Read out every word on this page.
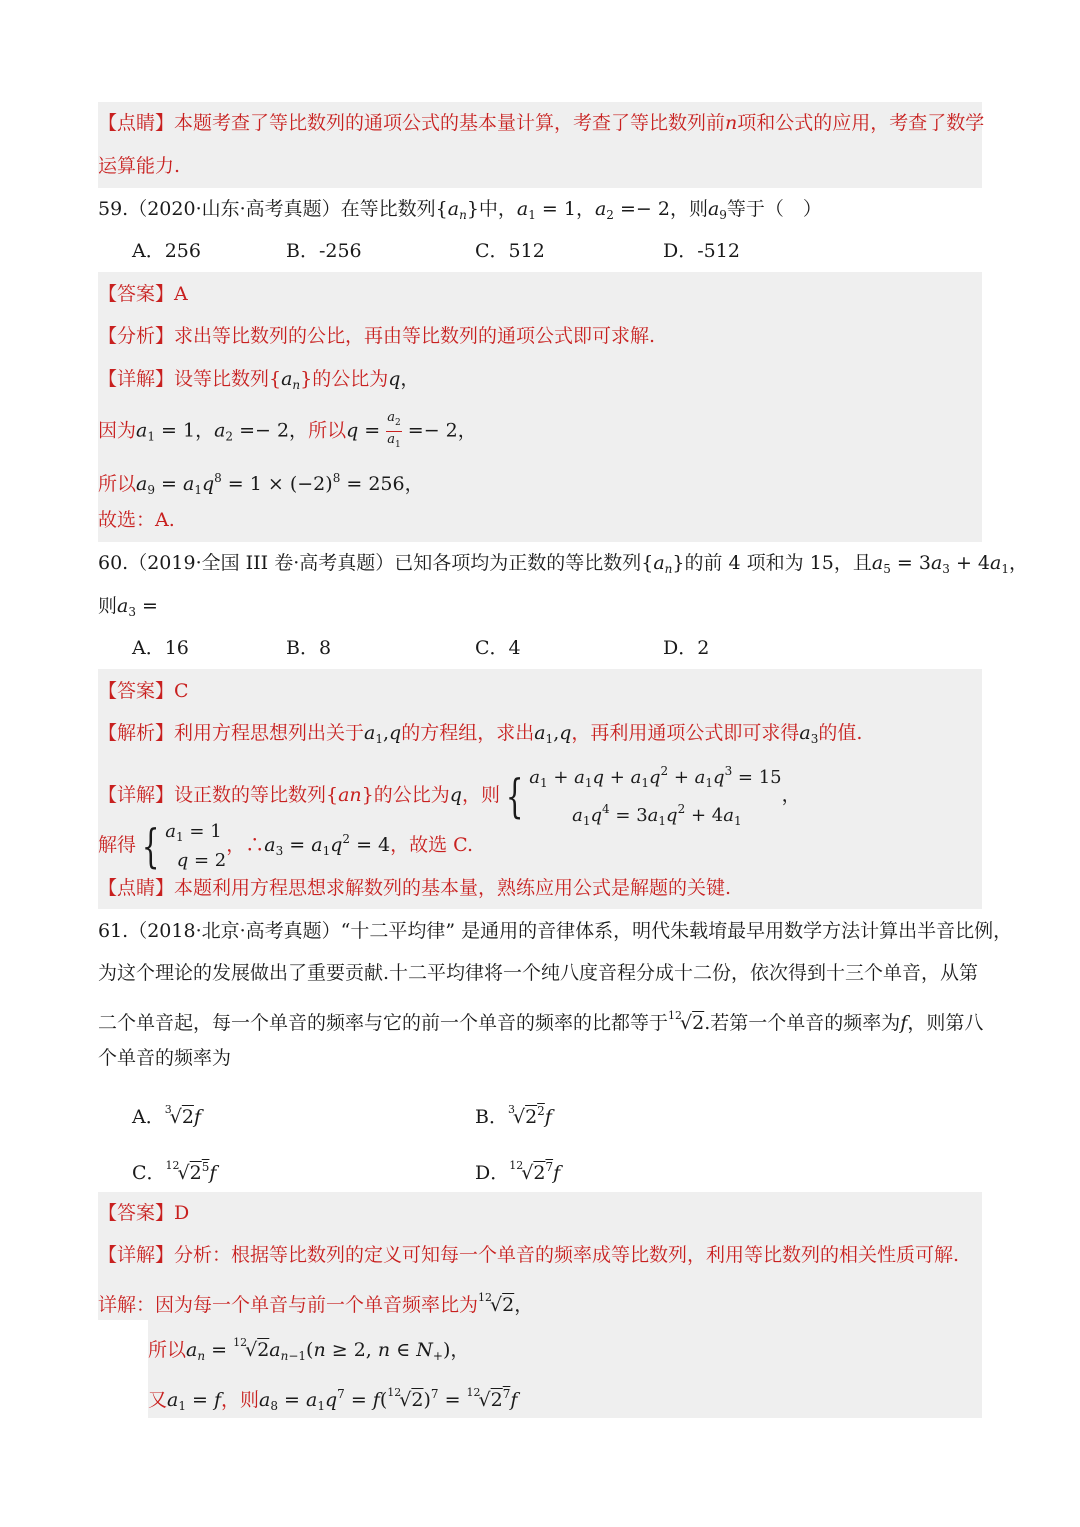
【点睛】本题考查了等比数列的通项公式的基本量计算，考查了等比数列前n项和公式的应用，考查了数学
运算能力.
59.（2020·山东·高考真题）在等比数列$\{a_n\}$中，$a_1 = 1$，$a_2 =- 2$，则$a_9$等于（　）
A．256	B．-256	C．512	D．-512
【答案】A
【分析】求出等比数列的公比，再由等比数列的通项公式即可求解.
【详解】设等比数列$\{a_n\}$的公比为q，
因为$a_1 = 1$，$a_2 =- 2$，所以$q = \frac{a_2}{a_1} =- 2$，
所以$a_9 = a_1q^8 = 1 \times (-2)^8 = 256$，
故选：A.
60.（2019·全国 III 卷·高考真题）已知各项均为正数的等比数列$\{a_n\}$的前 4 项和为 15，且$a_5 = 3a_3 + 4a_1$，
则$a_3$ =
A．16	B．8	C．4	D．2
【答案】C
【解析】利用方程思想列出关于$a_1,q$的方程组，求出$a_1,q$，再利用通项公式即可求得$a_3$的值.
【详解】设正数的等比数列{an}的公比为q，则 { $a_1 + a_1q + a_1q^2 + a_1q^3 = 15$
$a_1q^4 = 3a_1q^2 + 4a_1$       ，
解得 { $a_1 = 1$
q = 2，$\therefore a_3 = a_1q^2 = 4$，故选 C.
【点睛】本题利用方程思想求解数列的基本量，熟练应用公式是解题的关键.
61.（2018·北京·高考真题）“十二平均律” 是通用的音律体系，明代朱载堉最早用数学方法计算出半音比例，
为这个理论的发展做出了重要贡献.十二平均律将一个纯八度音程分成十二份，依次得到十三个单音，从第
二个单音起，每一个单音的频率与它的前一个单音的频率的比都等于$^{12}$√2.若第一个单音的频率为f，则第八
个单音的频率为
A．$^3$√2f	B．$^3√2^2f$
C．$^{12}√2^5f$	D．$^{12}√2^7f$
【答案】D
【详解】分析：根据等比数列的定义可知每一个单音的频率成等比数列，利用等比数列的相关性质可解.
详解：因为每一个单音与前一个单音频率比为$^{12}$√2，
所以$a_n = ^{12}√2a_{n-1}(n \ge 2$, n ∈ $N_+$)，
又$a_1 = f$，则$a_8 = a_1q^7 = f(^{12}√2)^7 = ^{12}√2^7f$
